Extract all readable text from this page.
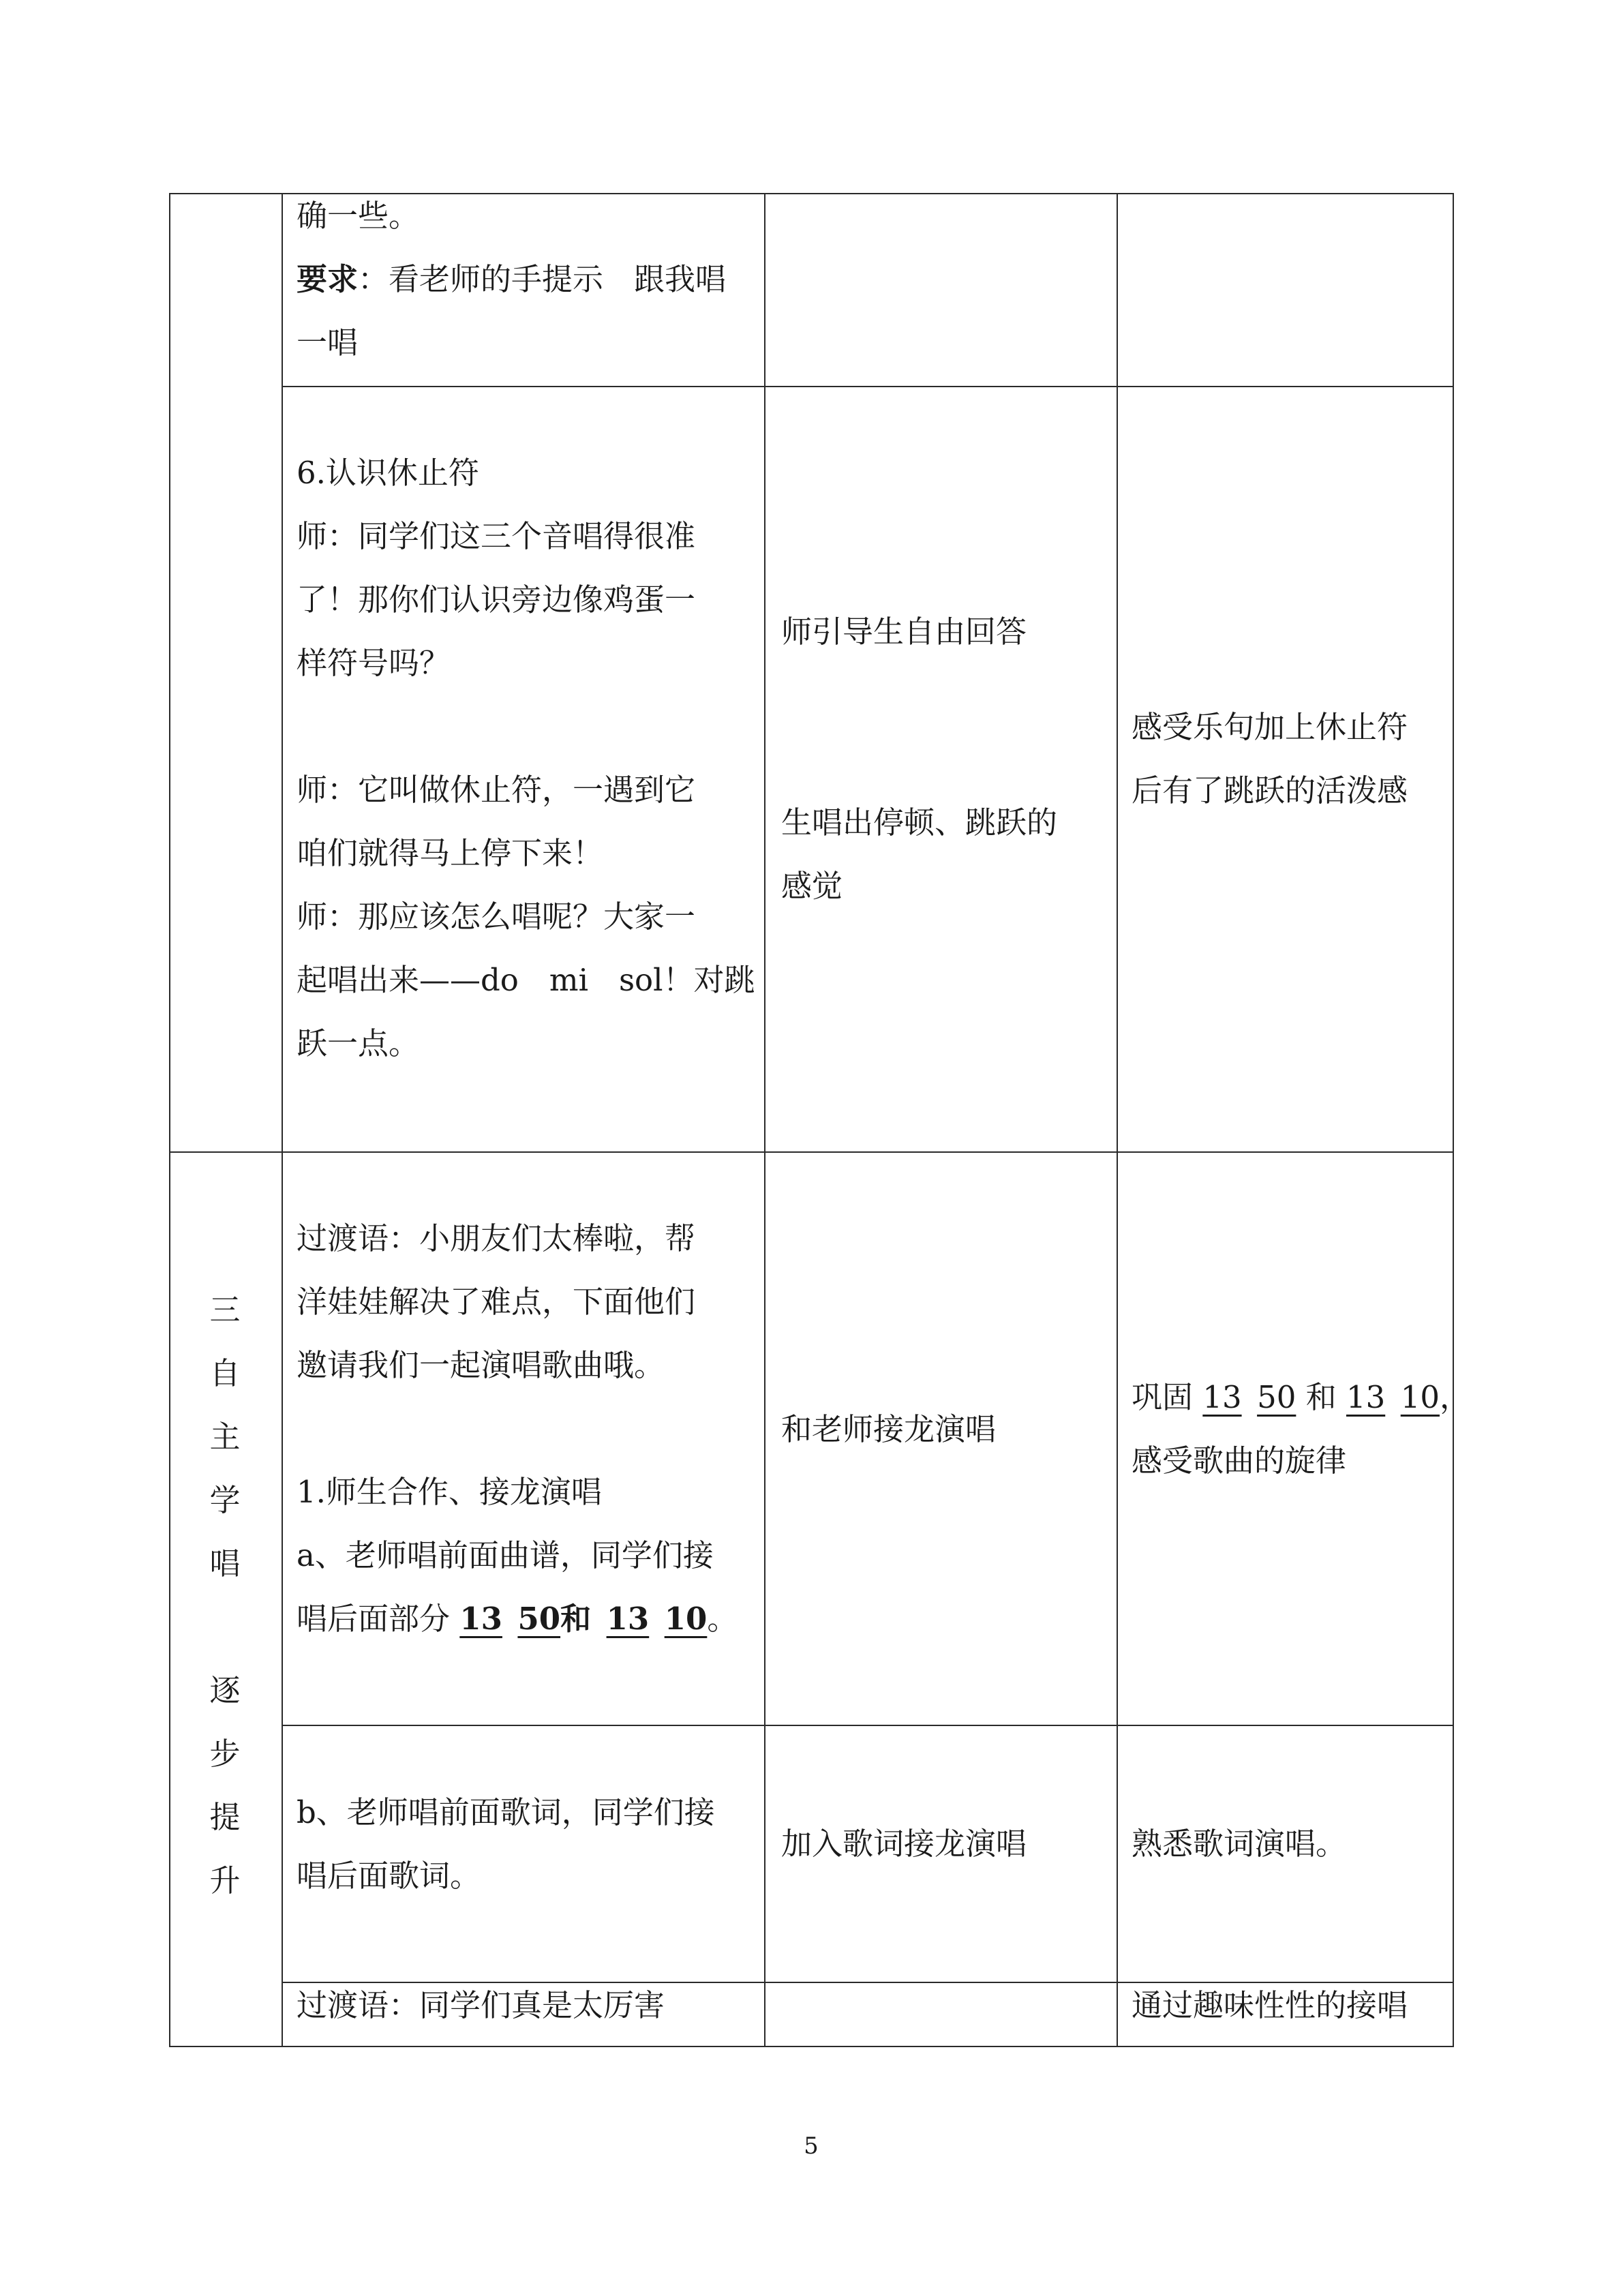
确一些。

要求：看老师的手提示　跟我唱

一唱

6.认识休止符

师：同学们这三个音唱得很准

了！那你们认识旁边像鸡蛋一

样符号吗？

师：它叫做休止符，一遇到它

咱们就得马上停下来！

师：那应该怎么唱呢？大家一

起唱出来——do　mi　sol！对跳

跃一点。

师引导生自由回答

生唱出停顿、跳跃的

感觉

感受乐句加上休止符

后有了跳跃的活泼感

三
自
主
学
唱
逐
步
提
升

过渡语：小朋友们太棒啦，帮

洋娃娃解决了难点，下面他们

邀请我们一起演唱歌曲哦。

1.师生合作、接龙演唱

a、老师唱前面曲谱，同学们接

唱后面部分 13  50和  13  10。

和老师接龙演唱

巩固 13  50 和 13  10，

感受歌曲的旋律

b、老师唱前面歌词，同学们接

唱后面歌词。

加入歌词接龙演唱	熟悉歌词演唱。

过渡语：同学们真是太厉害	通过趣味性性的接唱

5
